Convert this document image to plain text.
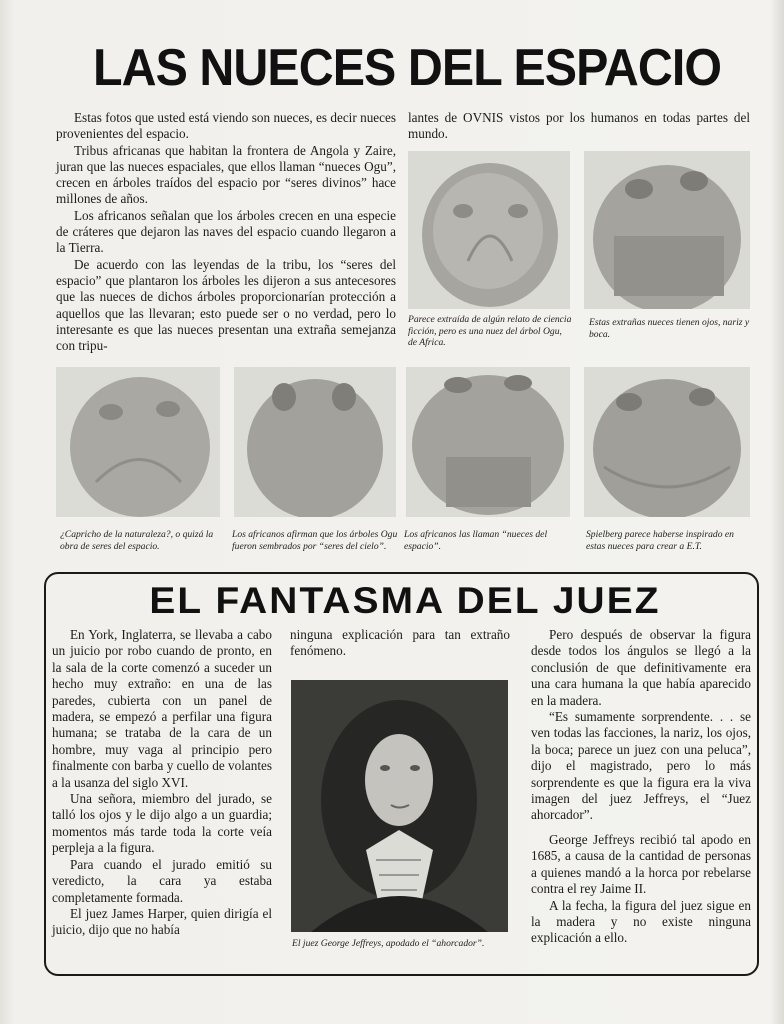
LAS NUECES DEL ESPACIO

Estas fotos que usted está viendo son nueces, es decir nueces provenientes del espacio.

Tribus africanas que habitan la frontera de Angola y Zaire, juran que las nueces espaciales, que ellos llaman “nueces Ogu”, crecen en árboles traídos del espacio por “seres divinos” hace millones de años.

Los africanos señalan que los árboles crecen en una especie de cráteres que dejaron las naves del espacio cuando llegaron a la Tierra.

De acuerdo con las leyendas de la tribu, los “seres del espacio” que plantaron los árboles les dijeron a sus antecesores que las nueces de dichos árboles proporcionarían protección a aquellos que las llevaran; esto puede ser o no verdad, pero lo interesante es que las nueces presentan una extraña semejanza con tripu-

lantes de OVNIS vistos por los humanos en todas partes del mundo.

Parece extraída de algún relato de ciencia ficción, pero es una nuez del árbol Ogu, de Africa.
Estas extrañas nueces tienen ojos, nariz y boca.
¿Capricho de la naturaleza?, o quizá la obra de seres del espacio.
Los africanos afirman que los árboles Ogu fueron sembrados por “seres del cielo”.
Los africanos las llaman “nueces del espacio”.
Spielberg parece haberse inspirado en estas nueces para crear a E.T.
EL FANTASMA DEL JUEZ

En York, Inglaterra, se llevaba a cabo un juicio por robo cuando de pronto, en la sala de la corte comenzó a suceder un hecho muy extraño: en una de las paredes, cubierta con un panel de madera, se empezó a perfilar una figura humana; se trataba de la cara de un hombre, muy vaga al principio pero finalmente con barba y cuello de volantes a la usanza del siglo XVI.

Una señora, miembro del jurado, se talló los ojos y le dijo algo a un guardia; momentos más tarde toda la corte veía perpleja a la figura.

Para cuando el jurado emitió su veredicto, la cara ya estaba completamente formada.

El juez James Harper, quien dirigía el juicio, dijo que no había

ninguna explicación para tan extraño fenómeno.

El juez George Jeffreys, apodado el “ahorcador”.

Pero después de observar la figura desde todos los ángulos se llegó a la conclusión de que definitivamente era una cara humana la que había aparecido en la madera.

“Es sumamente sorprendente. . . se ven todas las facciones, la nariz, los ojos, la boca; parece un juez con una peluca”, dijo el magistrado, pero lo más sorprendente es que la figura era la viva imagen del juez Jeffreys, el “Juez ahorcador”.

George Jeffreys recibió tal apodo en 1685, a causa de la cantidad de personas a quienes mandó a la horca por rebelarse contra el rey Jaime II.

A la fecha, la figura del juez sigue en la madera y no existe ninguna explicación a ello.
